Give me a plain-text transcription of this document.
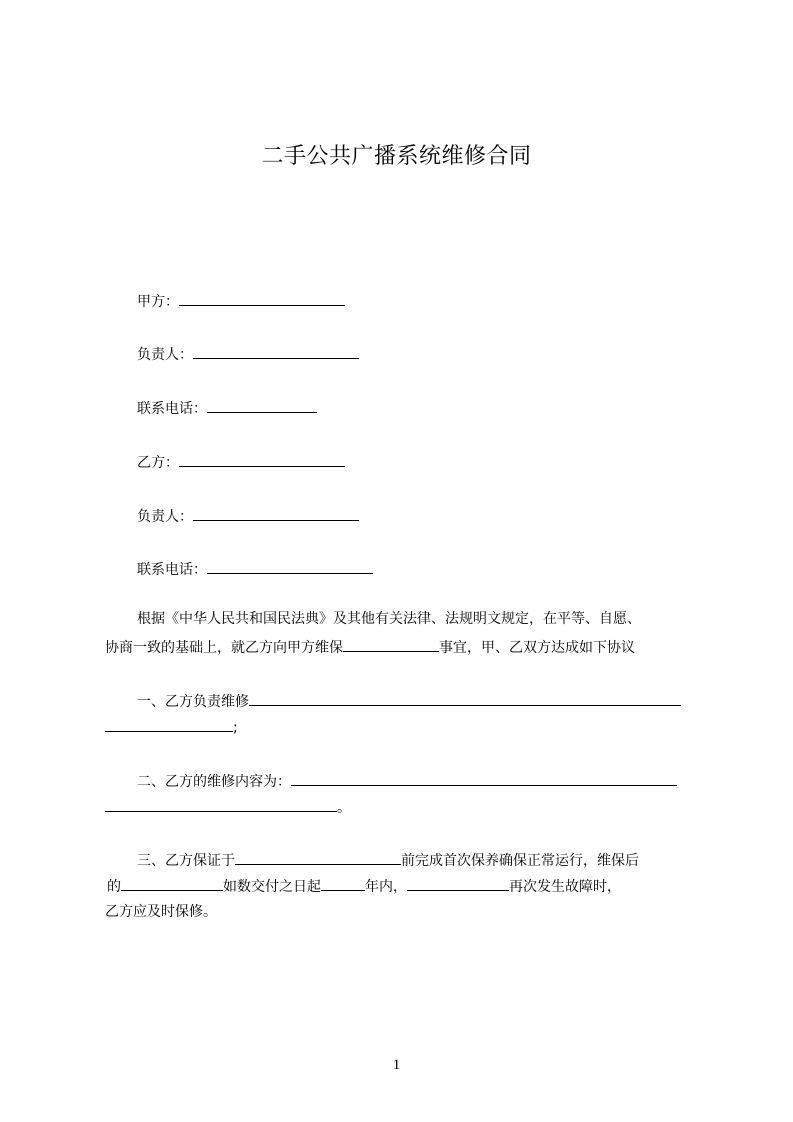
二手公共广播系统维修合同
甲方：
负责人：
联系电话：
乙方：
负责人：
联系电话：
根据《中华人民共和国民法典》及其他有关法律、法规明文规定，在平等、自愿、
协商一致的基础上，就乙方向甲方维保	事宜，甲、乙双方达成如下协议
一、乙方负责维修
;
二、乙方的维修内容为：
。
三、乙方保证于	前完成首次保养确保正常运行，维保后
的	如数交付之日起	年内，	再次发生故障时，
乙方应及时保修。
1
